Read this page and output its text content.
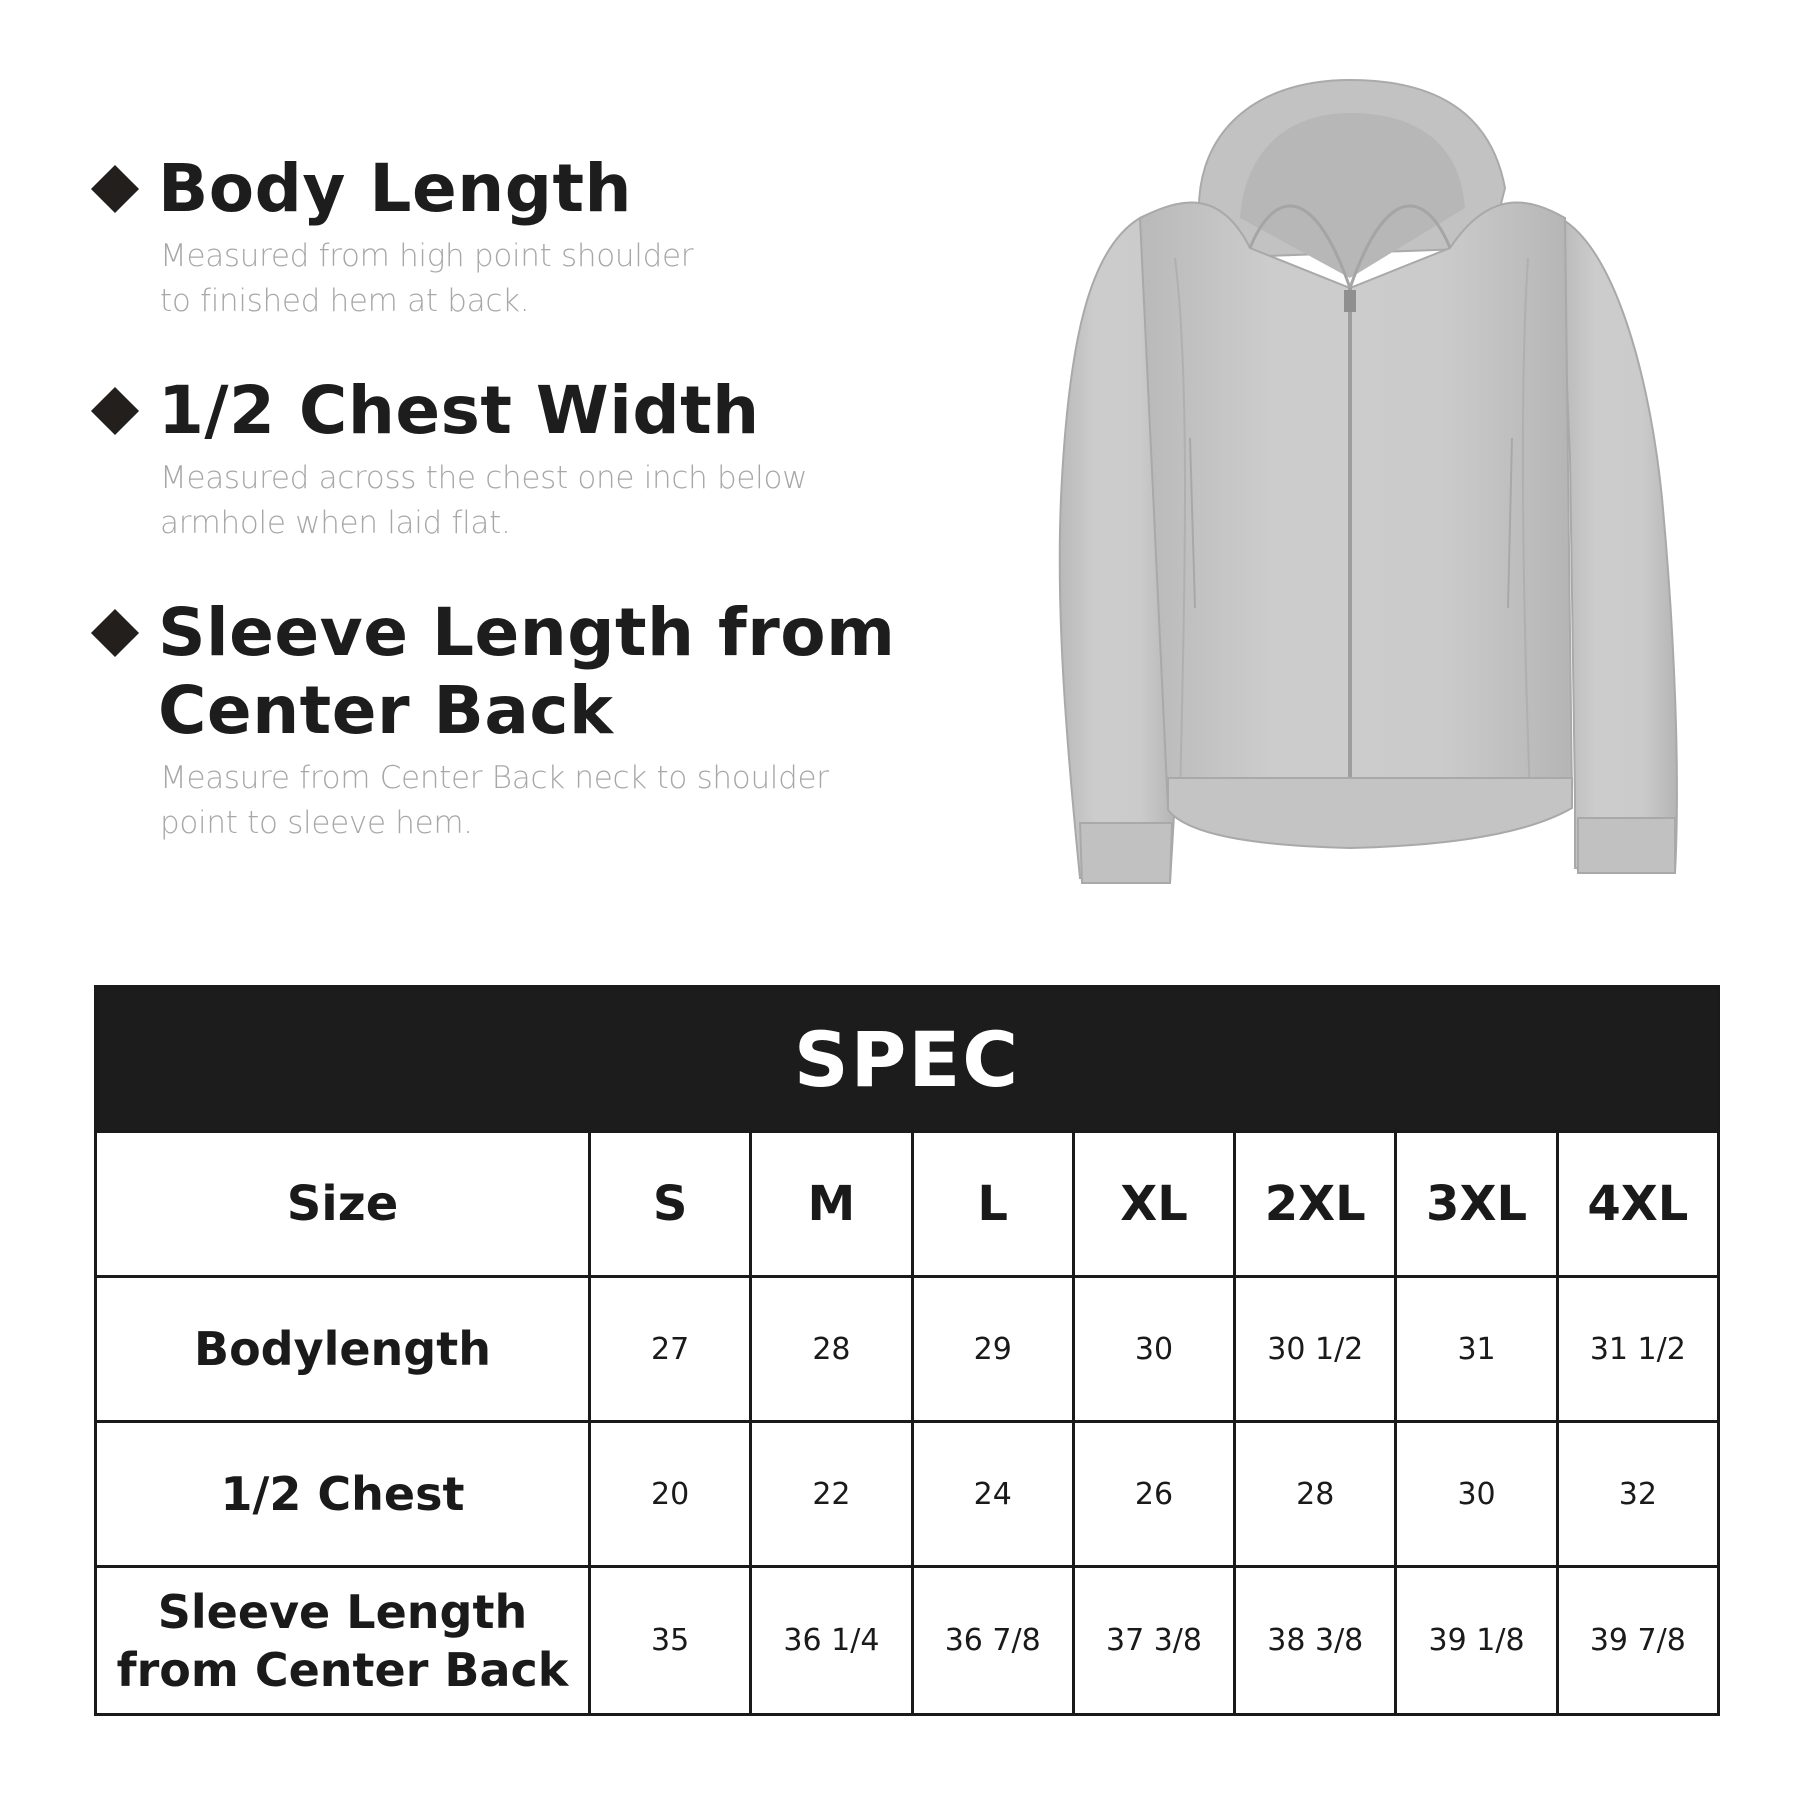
Body Length

Measured from high point shoulder
to finished hem at back.

1/2 Chest Width

Measured across the chest one inch below
armhole when laid flat.

Sleeve Length from
Center Back

Measure from Center Back neck to shoulder
point to sleeve hem.

SPEC							
Size	S	M	L	XL	2XL	3XL	4XL
Bodylength	27	28	29	30	30 1/2	31	31 1/2
1/2 Chest	20	22	24	26	28	30	32
Sleeve Length
from Center Back	35	36 1/4	36 7/8	37 3/8	38 3/8	39 1/8	39 7/8
